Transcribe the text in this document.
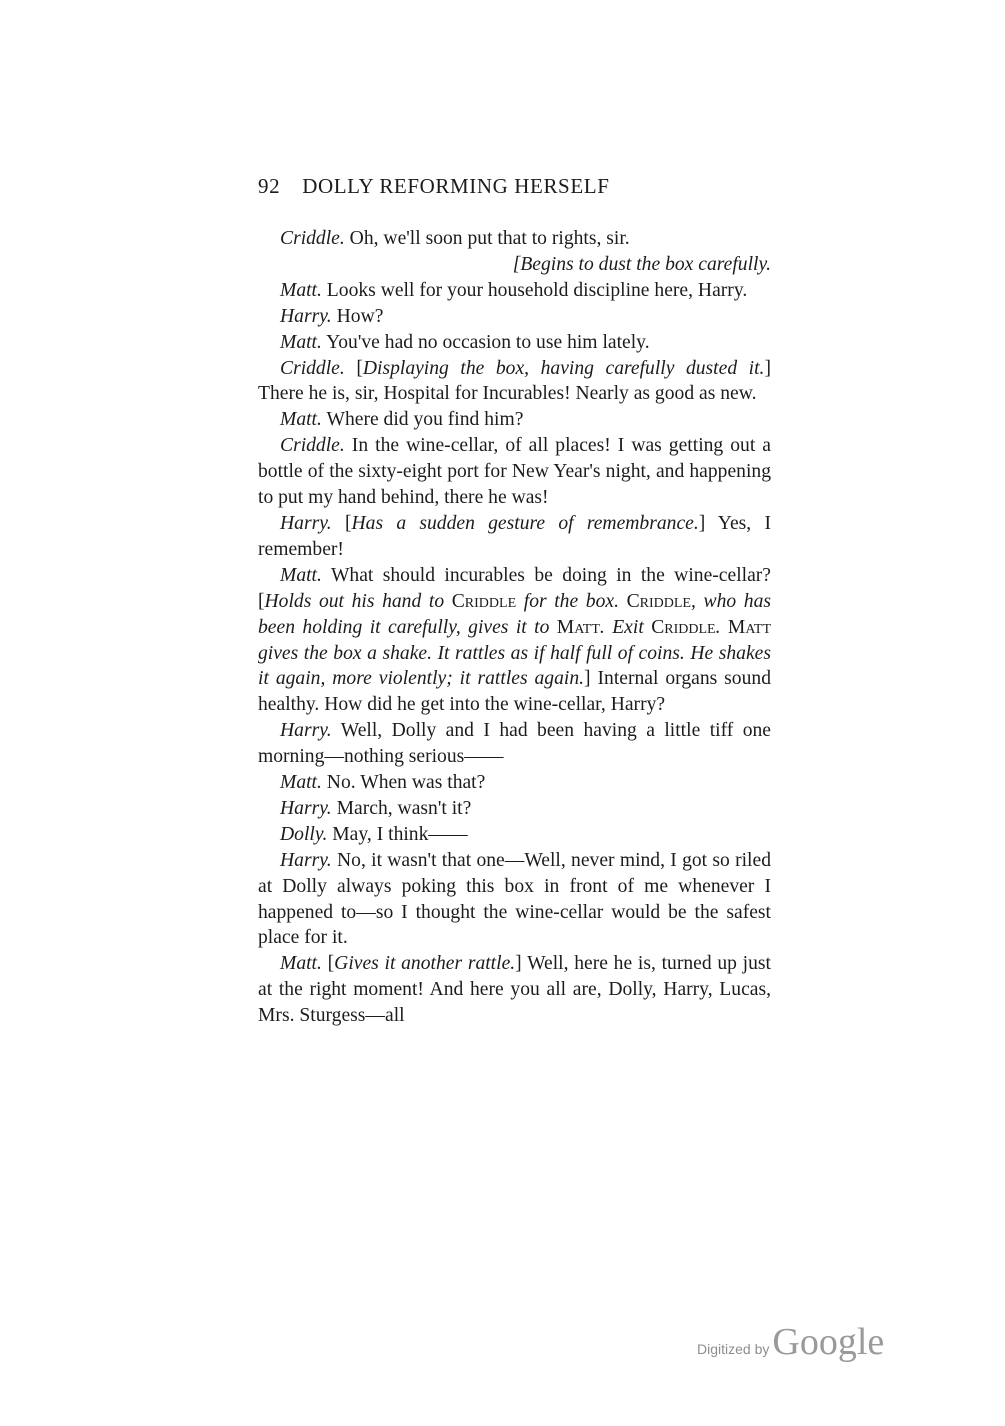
92 DOLLY REFORMING HERSELF

Criddle. Oh, we'll soon put that to rights, sir.

[Begins to dust the box carefully.

Matt. Looks well for your household discipline here, Harry.

Harry. How?

Matt. You've had no occasion to use him lately.

Criddle. [Displaying the box, having carefully dusted it.] There he is, sir, Hospital for Incurables! Nearly as good as new.

Matt. Where did you find him?

Criddle. In the wine-cellar, of all places! I was getting out a bottle of the sixty-eight port for New Year's night, and happening to put my hand behind, there he was!

Harry. [Has a sudden gesture of remembrance.] Yes, I remember!

Matt. What should incurables be doing in the wine-cellar? [Holds out his hand to Criddle for the box. Criddle, who has been holding it carefully, gives it to Matt. Exit Criddle. Matt gives the box a shake. It rattles as if half full of coins. He shakes it again, more violently; it rattles again.] Internal organs sound healthy. How did he get into the wine-cellar, Harry?

Harry. Well, Dolly and I had been having a little tiff one morning—nothing serious——

Matt. No. When was that?

Harry. March, wasn't it?

Dolly. May, I think——

Harry. No, it wasn't that one—Well, never mind, I got so riled at Dolly always poking this box in front of me whenever I happened to—so I thought the wine-cellar would be the safest place for it.

Matt. [Gives it another rattle.] Well, here he is, turned up just at the right moment! And here you all are, Dolly, Harry, Lucas, Mrs. Sturgess—all

Digitized byGoogle
